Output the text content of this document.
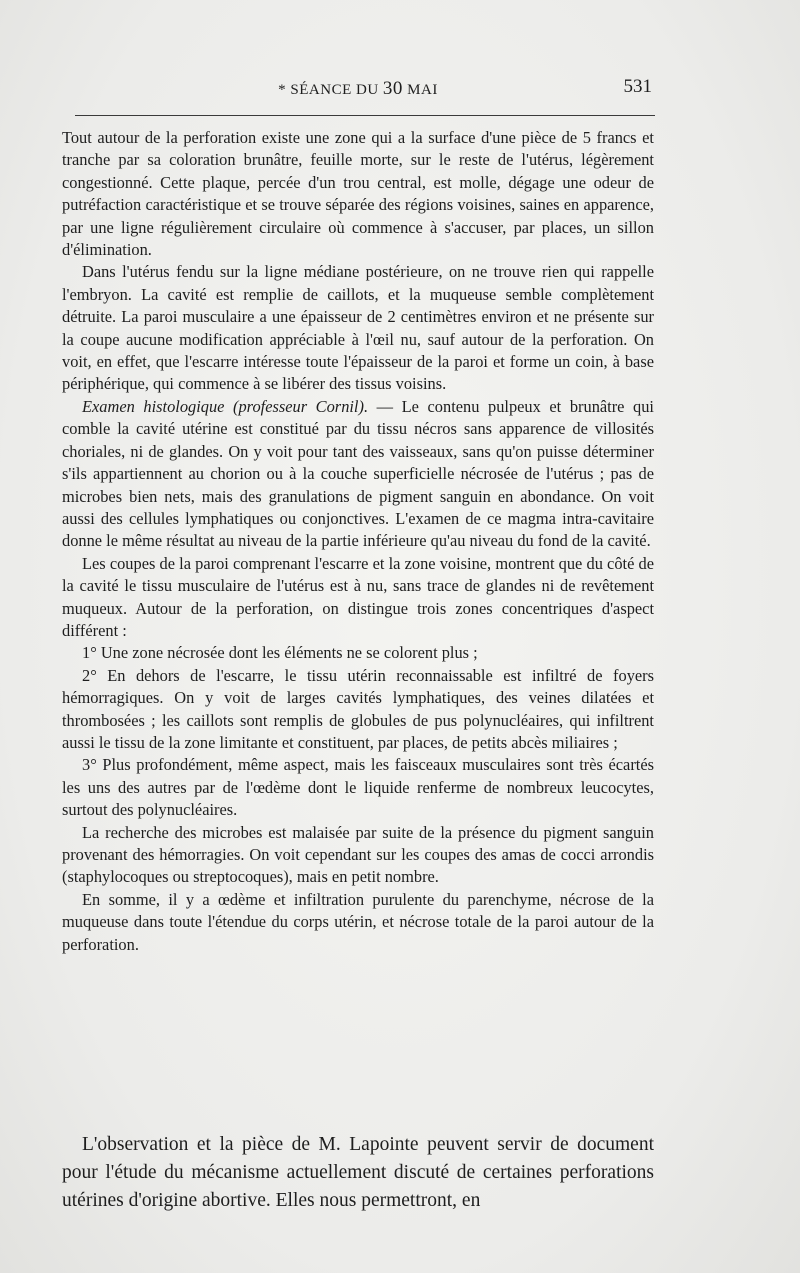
* SÉANCE DU 30 MAI	531

Tout autour de la perforation existe une zone qui a la surface d'une pièce de 5 francs et tranche par sa coloration brunâtre, feuille morte, sur le reste de l'utérus, légèrement congestionné. Cette plaque, percée d'un trou central, est molle, dégage une odeur de putréfaction caractéristique et se trouve séparée des régions voisines, saines en apparence, par une ligne régulièrement circulaire où commence à s'accuser, par places, un sillon d'élimination.

Dans l'utérus fendu sur la ligne médiane postérieure, on ne trouve rien qui rappelle l'embryon. La cavité est remplie de caillots, et la muqueuse semble complètement détruite. La paroi musculaire a une épaisseur de 2 centimètres environ et ne présente sur la coupe aucune modification appréciable à l'œil nu, sauf autour de la perforation. On voit, en effet, que l'escarre intéresse toute l'épaisseur de la paroi et forme un coin, à base périphérique, qui commence à se libérer des tissus voisins.

Examen histologique (professeur Cornil). — Le contenu pulpeux et brunâtre qui comble la cavité utérine est constitué par du tissu nécros sans apparence de villosités choriales, ni de glandes. On y voit pour tant des vaisseaux, sans qu'on puisse déterminer s'ils appartiennent au chorion ou à la couche superficielle nécrosée de l'utérus ; pas de microbes bien nets, mais des granulations de pigment sanguin en abondance. On voit aussi des cellules lymphatiques ou conjonctives. L'examen de ce magma intra-cavitaire donne le même résultat au niveau de la partie inférieure qu'au niveau du fond de la cavité.

Les coupes de la paroi comprenant l'escarre et la zone voisine, montrent que du côté de la cavité le tissu musculaire de l'utérus est à nu, sans trace de glandes ni de revêtement muqueux. Autour de la perforation, on distingue trois zones concentriques d'aspect différent :

1° Une zone nécrosée dont les éléments ne se colorent plus ;

2° En dehors de l'escarre, le tissu utérin reconnaissable est infiltré de foyers hémorragiques. On y voit de larges cavités lymphatiques, des veines dilatées et thrombosées ; les caillots sont remplis de globules de pus polynucléaires, qui infiltrent aussi le tissu de la zone limitante et constituent, par places, de petits abcès miliaires ;

3° Plus profondément, même aspect, mais les faisceaux musculaires sont très écartés les uns des autres par de l'œdème dont le liquide renferme de nombreux leucocytes, surtout des polynucléaires.

La recherche des microbes est malaisée par suite de la présence du pigment sanguin provenant des hémorragies. On voit cependant sur les coupes des amas de cocci arrondis (staphylocoques ou streptocoques), mais en petit nombre.

En somme, il y a œdème et infiltration purulente du parenchyme, nécrose de la muqueuse dans toute l'étendue du corps utérin, et nécrose totale de la paroi autour de la perforation.

L'observation et la pièce de M. Lapointe peuvent servir de document pour l'étude du mécanisme actuellement discuté de certaines perforations utérines d'origine abortive. Elles nous permettront, en
